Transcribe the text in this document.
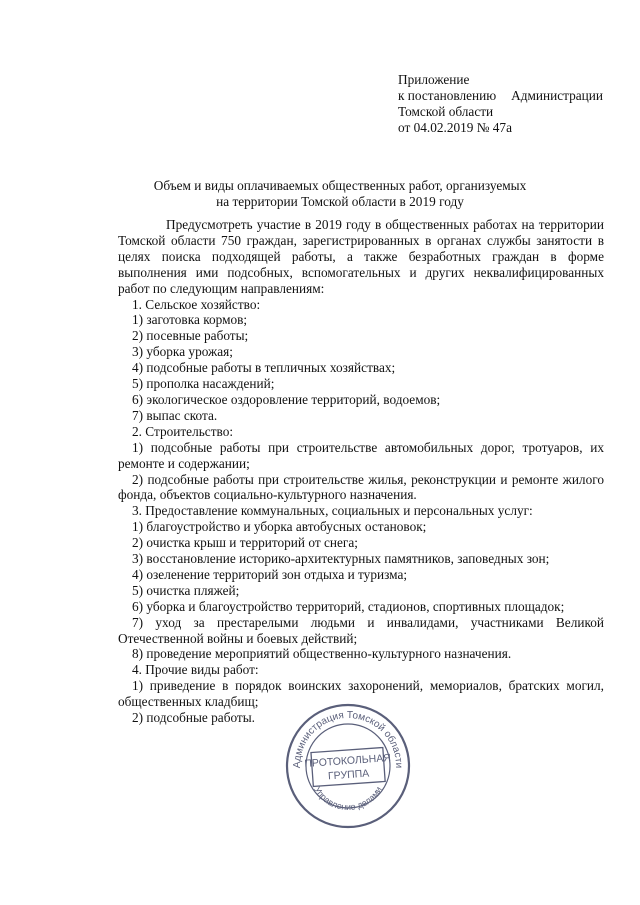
Приложение
к постановлению Администрации
Томской области
от 04.02.2019 № 47а
Объем и виды оплачиваемых общественных работ, организуемых
на территории Томской области в 2019 году

Предусмотреть участие в 2019 году в общественных работах на территории Томской области 750 граждан, зарегистрированных в органах службы занятости в целях поиска подходящей работы, а также безработных граждан в форме выполнения ими подсобных, вспомогательных и других неквалифицированных работ по следующим направлениям:

1. Сельское хозяйство:

1) заготовка кормов;

2) посевные работы;

3) уборка урожая;

4) подсобные работы в тепличных хозяйствах;

5) прополка насаждений;

6) экологическое оздоровление территорий, водоемов;

7) выпас скота.

2. Строительство:

1) подсобные работы при строительстве автомобильных дорог, тротуаров, их ремонте и содержании;

2) подсобные работы при строительстве жилья, реконструкции и ремонте жилого фонда, объектов социально-культурного назначения.

3. Предоставление коммунальных, социальных и персональных услуг:

1) благоустройство и уборка автобусных остановок;

2) очистка крыш и территорий от снега;

3) восстановление историко-архитектурных памятников, заповедных зон;

4) озеленение территорий зон отдыха и туризма;

5) очистка пляжей;

6) уборка и благоустройство территорий, стадионов, спортивных площадок;

7) уход за престарелыми людьми и инвалидами, участниками Великой Отечественной войны и боевых действий;

8) проведение мероприятий общественно-культурного назначения.

4. Прочие виды работ:

1) приведение в порядок воинских захоронений, мемориалов, братских могил, общественных кладбищ;

2) подсобные работы.

Администрация Томской области
Управление делами
ПРОТОКОЛЬНАЯ
ГРУППА
